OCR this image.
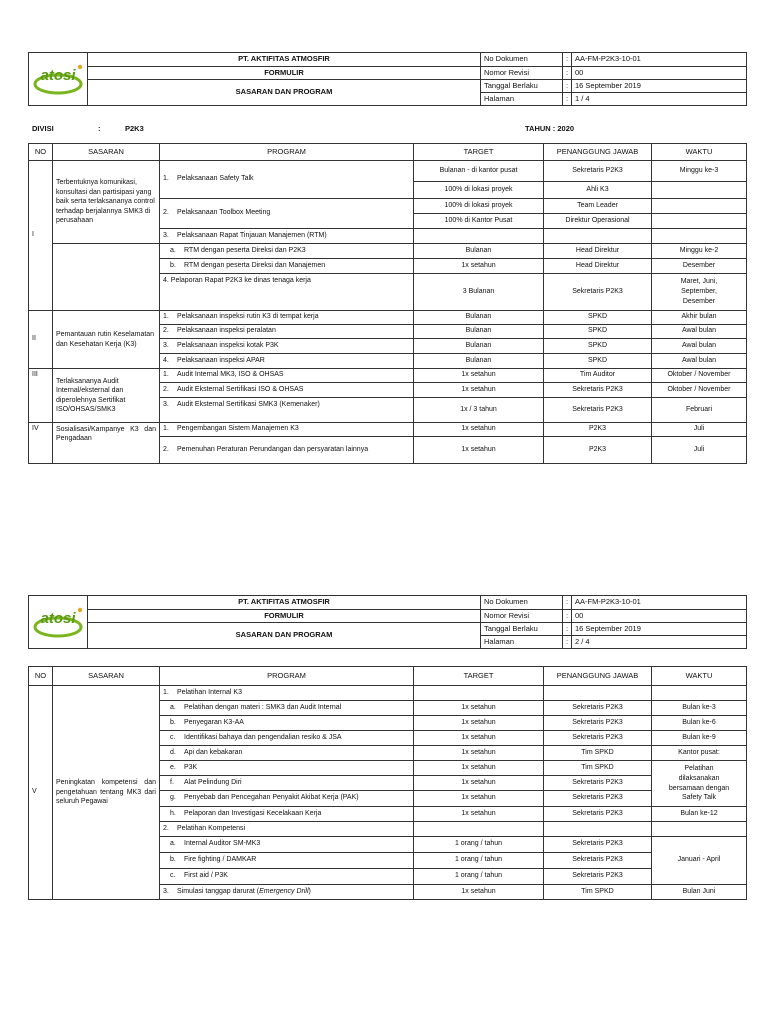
atosi	PT. AKTIFITAS ATMOSFIR	No Dokumen	:	AA-FM-P2K3-10-01
	FORMULIR	Nomor Revisi	:	00
	SASARAN DAN PROGRAM	Tanggal Berlaku	:	16 September 2019
		Halaman	:	1 / 4
DIVISI	:	P2K3	TAHUN : 2020
NO	SASARAN	PROGRAM	TARGET	PENANGGUNG JAWAB	WAKTU
I	Terbentuknya komunikasi, konsultasi dan partisipasi yang baik serta terlaksananya control terhadap berjalannya SMK3 di perusahaan	1. Pelaksanaan Safety Talk	Bulanan - di kantor pusat	Sekretaris P2K3	Minggu ke-3
			100% di lokasi proyek	Ahli K3	
		2. Pelaksanaan Toolbox Meeting	100% di lokasi proyek	Team Leader	
			100% di Kantor Pusat	Direktur Operasional	
		3. Pelaksanaan Rapat Tinjauan Manajemen (RTM)			
		a. RTM dengan peserta Direksi dan P2K3	Bulanan	Head Direktur	Minggu ke-2
		b. RTM dengan peserta Direksi dan Manajemen	1x setahun	Head Direktur	Desember
		4. Pelaporan Rapat P2K3 ke dinas tenaga kerja	3 Bulanan	Sekretaris P2K3	Maret, Juni,
September,
Desember

II	Pemantauan rutin Keselamatan dan Kesehatan Kerja (K3)	1. Pelaksanaan inspeksi rutin K3 di tempat kerja	Bulanan	SPKD	Akhir bulan
		2. Pelaksanaan inspeksi peralatan	Bulanan	SPKD	Awal bulan
		3. Pelaksanaan inspeksi kotak P3K	Bulanan	SPKD	Awal bulan
		4. Pelaksanaan inspeksi APAR	Bulanan	SPKD	Awal bulan
III	Terlaksananya Audit Internal/eksternal dan diperolehnya Sertifikat ISO/OHSAS/SMK3	1. Audit Internal MK3, ISO & OHSAS	1x setahun	Tim Auditor	Oktober / November
		2. Audit Eksternal Sertifikasi ISO & OHSAS	1x setahun	Sekretaris P2K3	Oktober / November
		3. Audit Eksternal Sertifikasi SMK3 (Kemenaker)	1x / 3 tahun	Sekretaris P2K3	Februari
IV	Sosialisasi/Kampanye K3 dan Pengadaan	1. Pengembangan Sistem Manajemen K3	1x setahun	P2K3	Juli

		2. Pemenuhan Peraturan Perundangan dan persyaratan lainnya	1x setahun	P2K3	Juli
atosi	PT. AKTIFITAS ATMOSFIR	No Dokumen	:	AA-FM-P2K3-10-01
	FORMULIR	Nomor Revisi	:	00
	SASARAN DAN PROGRAM	Tanggal Berlaku	:	16 September 2019
		Halaman	:	2 / 4
NO	SASARAN	PROGRAM	TARGET	PENANGGUNG JAWAB	WAKTU
V	Peningkatan kompetensi dan pengetahuan tentang MK3 dari seluruh Pegawai	1. Pelatihan Internal K3			
		a. Pelatihan dengan materi : SMK3 dan Audit Internal	1x setahun	Sekretaris P2K3	Bulan ke-3
		b. Penyegaran K3-AA	1x setahun	Sekretaris P2K3	Bulan ke-6
		c. Identifikasi bahaya dan pengendalian resiko & JSA	1x setahun	Sekretaris P2K3	Bulan ke-9
		d. Api dan kebakaran	1x setahun	Tim SPKD	Kantor pusat:
		e. P3K	1x setahun	Tim SPKD	Pelatihan
dilaksanakan
bersamaan dengan
Safety Talk

		f. Alat Pelindung Diri	1x setahun	Sekretaris P2K3	
		g. Penyebab dan Pencegahan Penyakit Akibat Kerja (PAK)	1x setahun	Sekretaris P2K3	
		h. Pelaporan dan Investigasi Kecelakaan Kerja	1x setahun	Sekretaris P2K3	Bulan ke-12
		2. Pelatihan Kompetensi			
		a. Internal Auditor SM-MK3	1 orang / tahun	Sekretaris P2K3	Januari - April
		b. Fire fighting / DAMKAR	1 orang / tahun	Sekretaris P2K3	
		c. First aid / P3K	1 orang / tahun	Sekretaris P2K3	
		3. Simulasi tanggap darurat (Emergency Drill)	1x setahun	Tim SPKD	Bulan Juni
